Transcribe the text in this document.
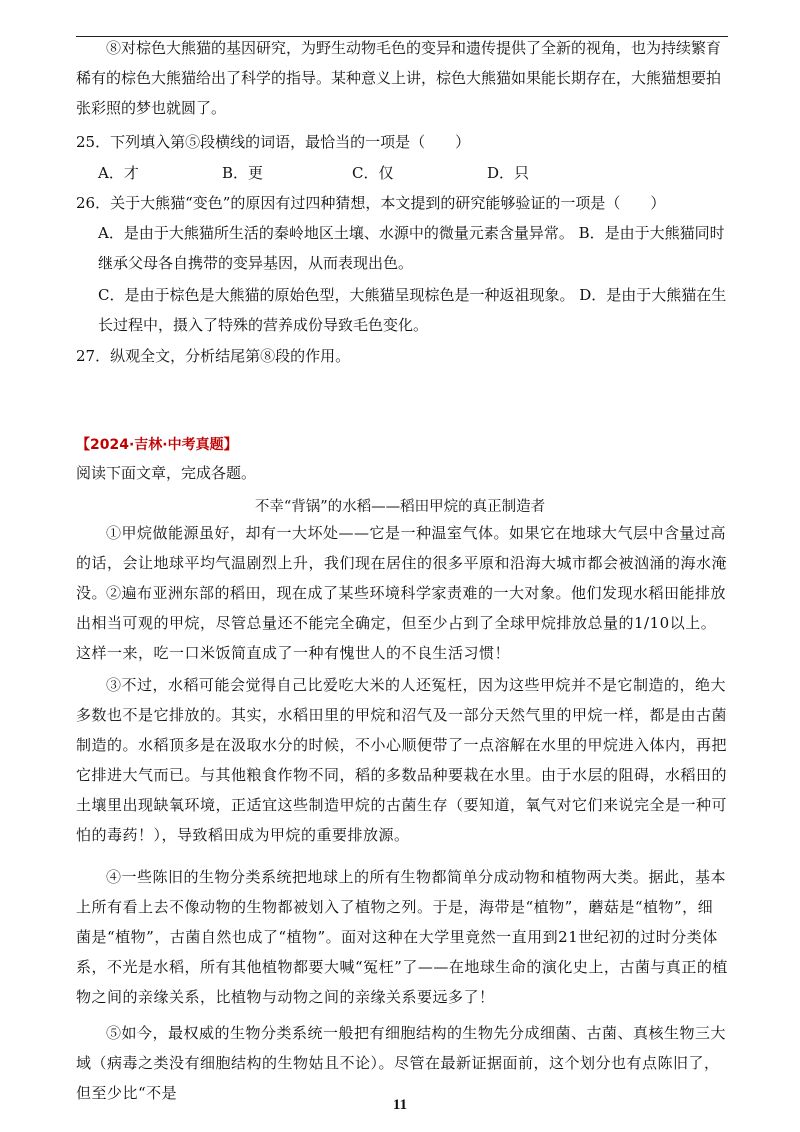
⑧对棕色大熊猫的基因研究，为野生动物毛色的变异和遗传提供了全新的视角，也为持续繁育稀有的棕色大熊猫给出了科学的指导。某种意义上讲，棕色大熊猫如果能长期存在，大熊猫想要拍张彩照的梦也就圆了。

25．下列填入第⑤段横线的词语，最恰当的一项是（　　）
A．才	B．更	C．仅	D．只
26．关于大熊猫“变色”的原因有过四种猜想，本文提到的研究能够验证的一项是（　　）

A．是由于大熊猫所生活的秦岭地区土壤、水源中的微量元素含量异常。 B．是由于大熊猫同时继承父母各自携带的变异基因，从而表现出色。

C．是由于棕色是大熊猫的原始色型，大熊猫呈现棕色是一种返祖现象。 D．是由于大熊猫在生长过程中，摄入了特殊的营养成份导致毛色变化。

27．纵观全文，分析结尾第⑧段的作用。
【2024·吉林·中考真题】
阅读下面文章，完成各题。
不幸“背锅”的水稻——稻田甲烷的真正制造者

①甲烷做能源虽好，却有一大坏处——它是一种温室气体。如果它在地球大气层中含量过高的话，会让地球平均气温剧烈上升，我们现在居住的很多平原和沿海大城市都会被汹涌的海水淹没。

②遍布亚洲东部的稻田，现在成了某些环境科学家责难的一大对象。他们发现水稻田能排放出相当可观的甲烷，尽管总量还不能完全确定，但至少占到了全球甲烷排放总量的1/10以上。这样一来，吃一口米饭简直成了一种有愧世人的不良生活习惯！

③不过，水稻可能会觉得自己比爱吃大米的人还冤枉，因为这些甲烷并不是它制造的，绝大多数也不是它排放的。其实，水稻田里的甲烷和沼气及一部分天然气里的甲烷一样，都是由古菌制造的。水稻顶多是在汲取水分的时候，不小心顺便带了一点溶解在水里的甲烷进入体内，再把它排进大气而已。与其他粮食作物不同，稻的多数品种要栽在水里。由于水层的阻碍，水稻田的土壤里出现缺氧环境，正适宜这些制造甲烷的古菌生存（要知道，氧气对它们来说完全是一种可怕的毒药！），导致稻田成为甲烷的重要排放源。

④一些陈旧的生物分类系统把地球上的所有生物都简单分成动物和植物两大类。据此，基本上所有看上去不像动物的生物都被划入了植物之列。于是，海带是“植物”，蘑菇是“植物”，细菌是“植物”，古菌自然也成了“植物”。面对这种在大学里竟然一直用到21世纪初的过时分类体系，不光是水稻，所有其他植物都要大喊“冤枉”了——在地球生命的演化史上，古菌与真正的植物之间的亲缘关系，比植物与动物之间的亲缘关系要远多了！

⑤如今，最权威的生物分类系统一般把有细胞结构的生物先分成细菌、古菌、真核生物三大域（病毒之类没有细胞结构的生物姑且不论）。尽管在最新证据面前，这个划分也有点陈旧了，但至少比“不是

11
